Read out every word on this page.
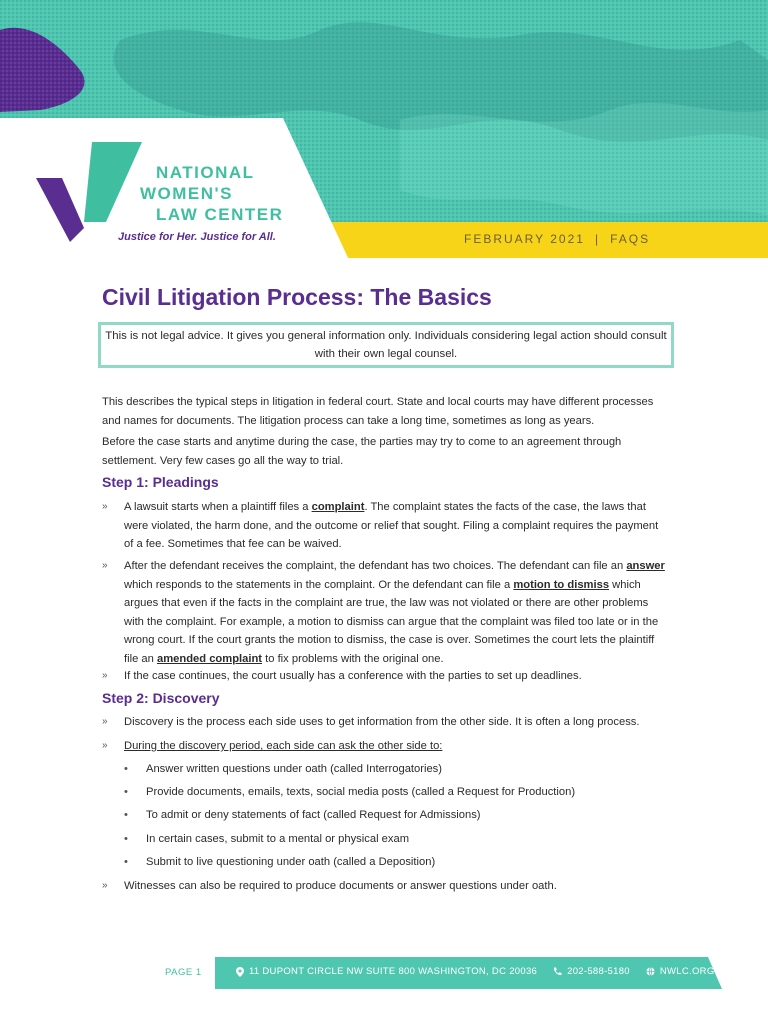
NATIONAL
WOMEN'S
LAW CENTER
Justice for Her. Justice for All.	FEBRUARY 2021 | FAQS
Civil Litigation Process: The Basics
This is not legal advice. It gives you general information only. Individuals considering legal action should consult with their own legal counsel.

This describes the typical steps in litigation in federal court. State and local courts may have different processes and names for documents. The litigation process can take a long time, sometimes as long as years.

Before the case starts and anytime during the case, the parties may try to come to an agreement through settlement. Very few cases go all the way to trial.

Step 1: Pleadings
»	A lawsuit starts when a plaintiff files a complaint. The complaint states the facts of the case, the laws that were violated, the harm done, and the outcome or relief that sought. Filing a complaint requires the payment of a fee. Sometimes that fee can be waived.
»	After the defendant receives the complaint, the defendant has two choices. The defendant can file an answer which responds to the statements in the complaint. Or the defendant can file a motion to dismiss which argues that even if the facts in the complaint are true, the law was not violated or there are other problems with the complaint. For example, a motion to dismiss can argue that the complaint was filed too late or in the wrong court. If the court grants the motion to dismiss, the case is over. Sometimes the court lets the plaintiff file an amended complaint to fix problems with the original one.
»	If the case continues, the court usually has a conference with the parties to set up deadlines.
Step 2: Discovery
»	Discovery is the process each side uses to get information from the other side. It is often a long process.
»	During the discovery period, each side can ask the other side to:
• Answer written questions under oath (called Interrogatories)
• Provide documents, emails, texts, social media posts (called a Request for Production)
• To admit or deny statements of fact (called Request for Admissions)
• In certain cases, submit to a mental or physical exam
• Submit to live questioning under oath (called a Deposition)
»	Witnesses can also be required to produce documents or answer questions under oath.
PAGE 1	11 DUPONT CIRCLE NW SUITE 800 WASHINGTON, DC 20036	202-588-5180	NWLC.ORG
